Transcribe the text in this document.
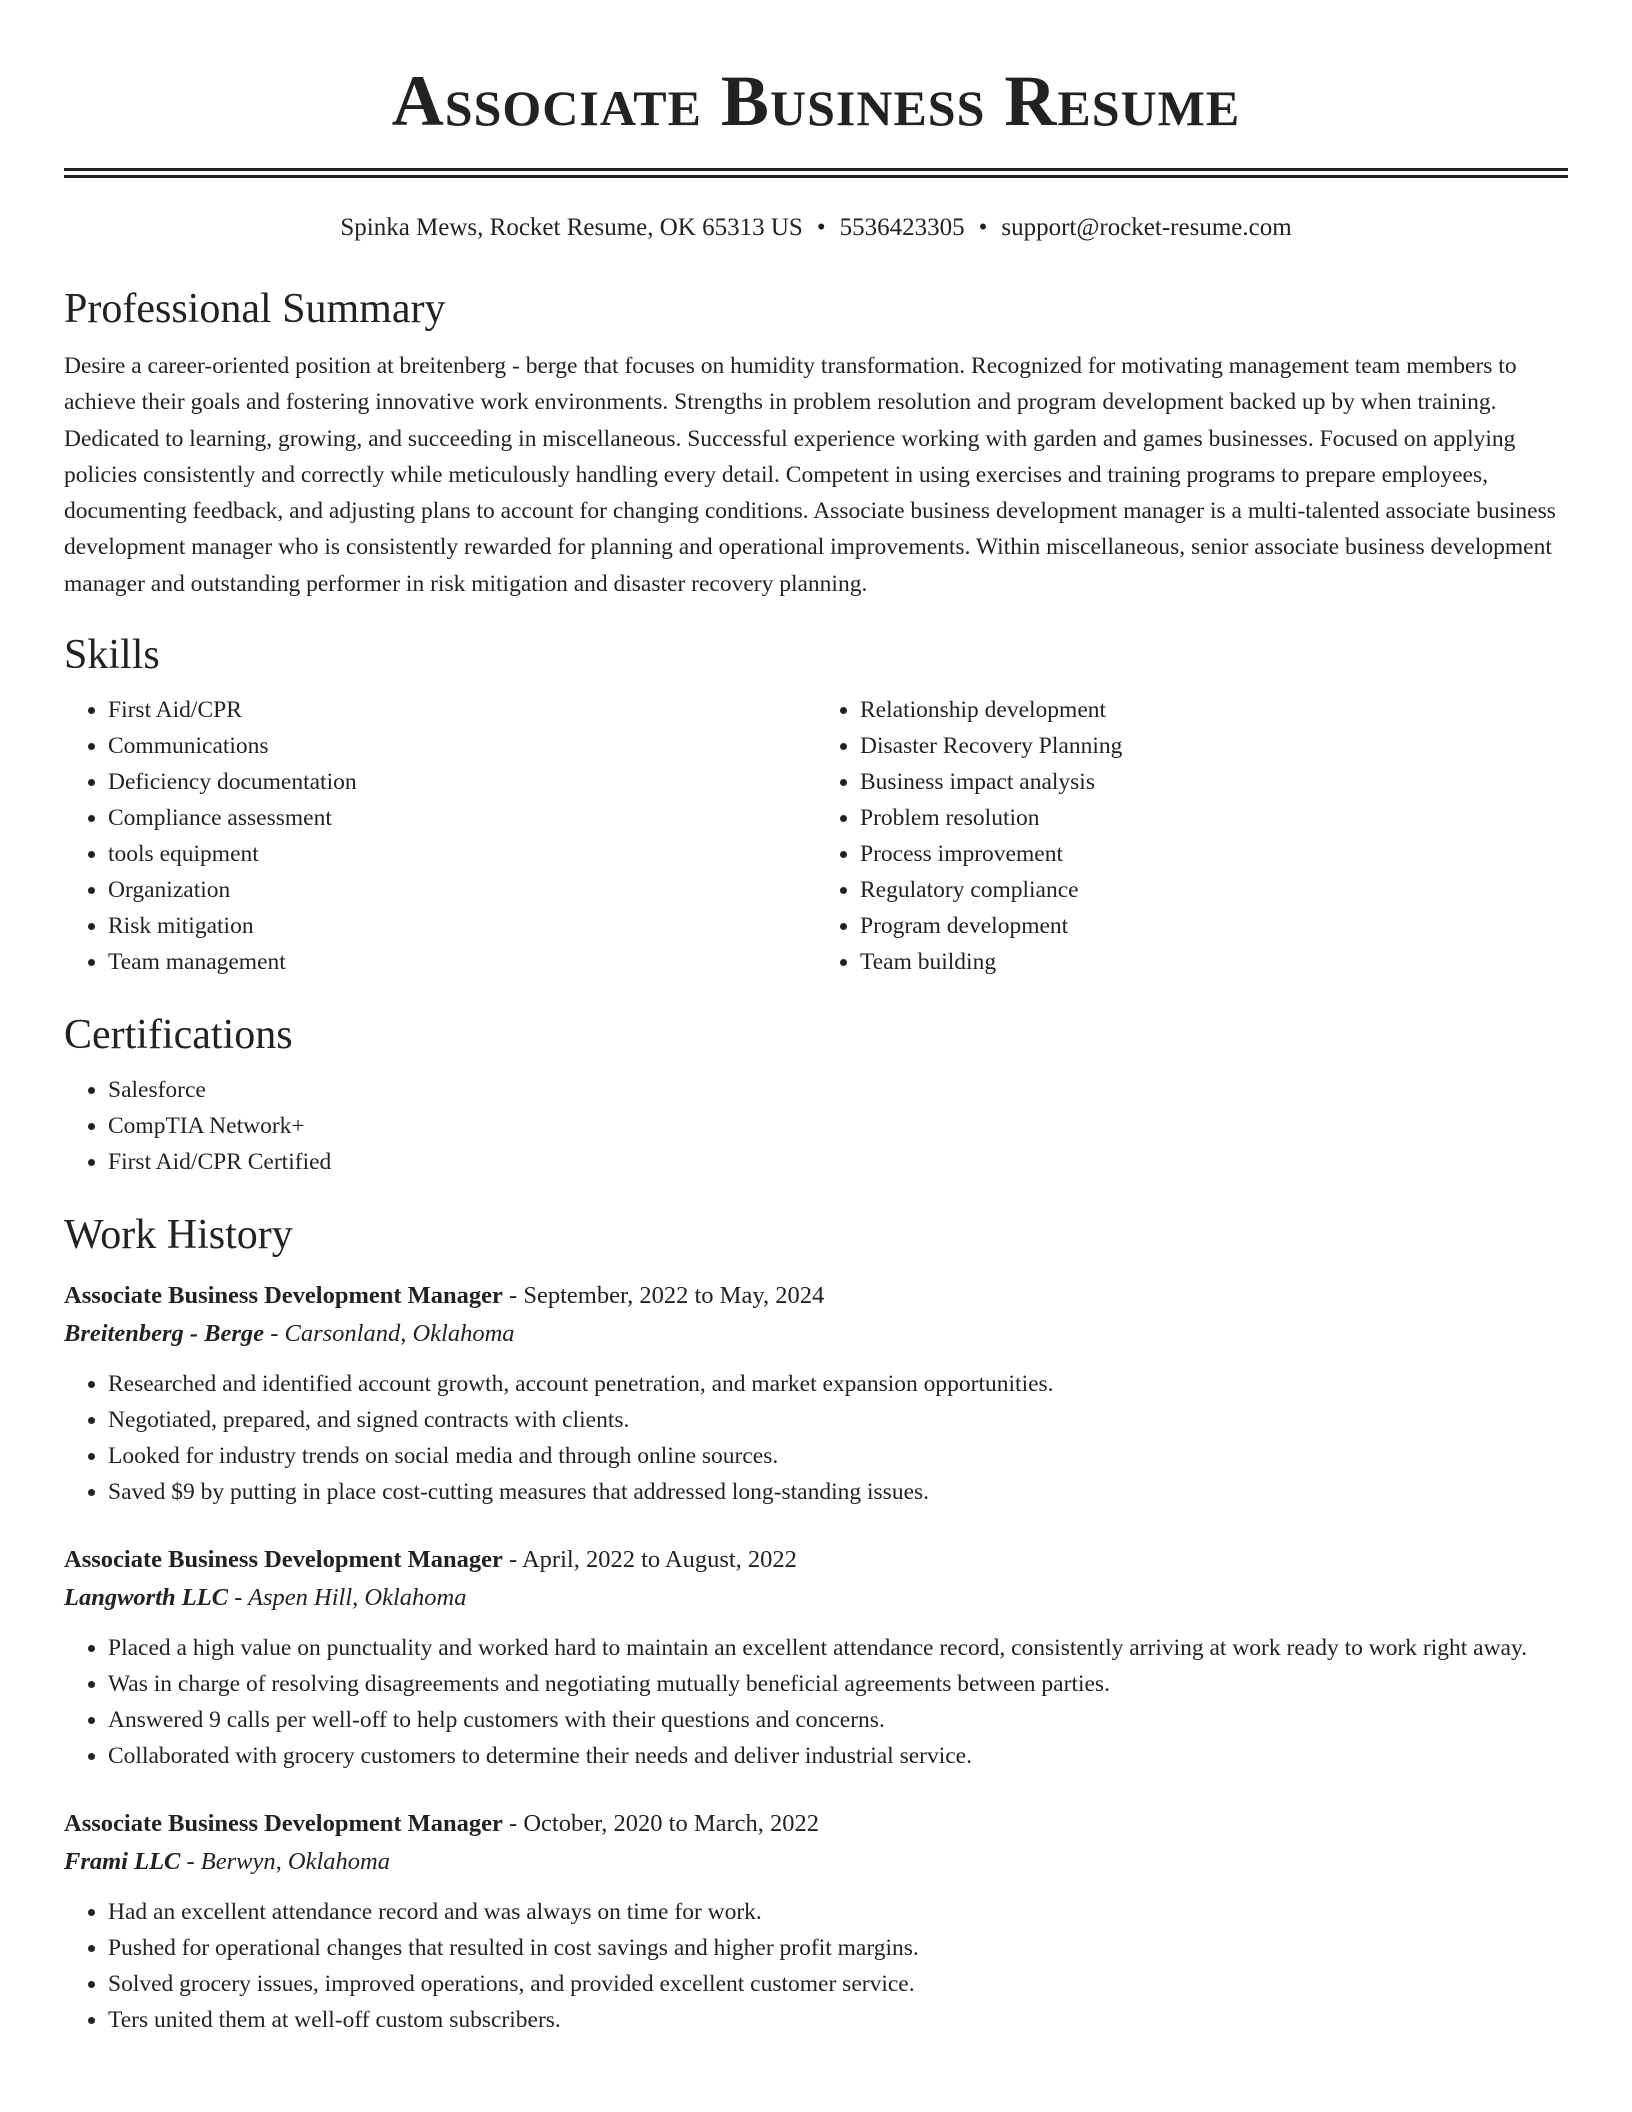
Associate Business Resume
Spinka Mews, Rocket Resume, OK 65313 US • 5536423305 • support@rocket-resume.com
Professional Summary
Desire a career-oriented position at breitenberg - berge that focuses on humidity transformation. Recognized for motivating management team members to achieve their goals and fostering innovative work environments. Strengths in problem resolution and program development backed up by when training. Dedicated to learning, growing, and succeeding in miscellaneous. Successful experience working with garden and games businesses. Focused on applying policies consistently and correctly while meticulously handling every detail. Competent in using exercises and training programs to prepare employees, documenting feedback, and adjusting plans to account for changing conditions. Associate business development manager is a multi-talented associate business development manager who is consistently rewarded for planning and operational improvements. Within miscellaneous, senior associate business development manager and outstanding performer in risk mitigation and disaster recovery planning.
Skills
• First Aid/CPR
• Communications
• Deficiency documentation
• Compliance assessment
• tools equipment
• Organization
• Risk mitigation
• Team management
• Relationship development
• Disaster Recovery Planning
• Business impact analysis
• Problem resolution
• Process improvement
• Regulatory compliance
• Program development
• Team building
Certifications
• Salesforce
• CompTIA Network+
• First Aid/CPR Certified
Work History
Associate Business Development Manager - September, 2022 to May, 2024
Breitenberg - Berge - Carsonland, Oklahoma
• Researched and identified account growth, account penetration, and market expansion opportunities.
• Negotiated, prepared, and signed contracts with clients.
• Looked for industry trends on social media and through online sources.
• Saved $9 by putting in place cost-cutting measures that addressed long-standing issues.
Associate Business Development Manager - April, 2022 to August, 2022
Langworth LLC - Aspen Hill, Oklahoma
• Placed a high value on punctuality and worked hard to maintain an excellent attendance record, consistently arriving at work ready to work right away.
• Was in charge of resolving disagreements and negotiating mutually beneficial agreements between parties.
• Answered 9 calls per well-off to help customers with their questions and concerns.
• Collaborated with grocery customers to determine their needs and deliver industrial service.
Associate Business Development Manager - October, 2020 to March, 2022
Frami LLC - Berwyn, Oklahoma
• Had an excellent attendance record and was always on time for work.
• Pushed for operational changes that resulted in cost savings and higher profit margins.
• Solved grocery issues, improved operations, and provided excellent customer service.
• Ters united them at well-off custom subscribers.
